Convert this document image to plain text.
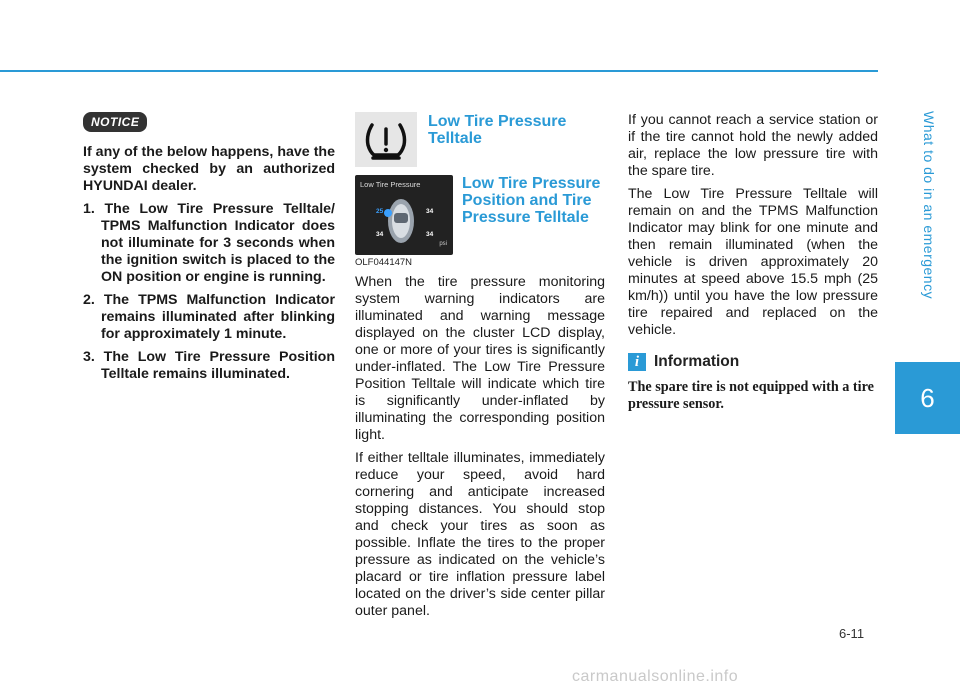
What to do in an emergency
6
NOTICE
If any of the below happens, have the system checked by an authorized HYUNDAI dealer.
1. The Low Tire Pressure Telltale/ TPMS Malfunction Indicator does not illuminate for 3 seconds when the ignition switch is placed to the ON position or engine is running.
2. The TPMS Malfunction Indicator remains illuminated after blinking for approximately 1 minute.
3. The Low Tire Pressure Position Telltale remains illuminated.
Low Tire Pressure Telltale
Low Tire Pressure
25	34
34	34
psi
OLF044147N
Low Tire Pressure Position and Tire Pressure Telltale

When the tire pressure monitoring system warning indicators are illuminated and warning message displayed on the cluster LCD display, one or more of your tires is significantly under-inflated. The Low Tire Pressure Position Telltale will indicate which tire is significantly under-inflated by illuminating the corresponding position light.

If either telltale illuminates, immediately reduce your speed, avoid hard cornering and anticipate increased stopping distances. You should stop and check your tires as soon as possible. Inflate the tires to the proper pressure as indicated on the vehicle’s placard or tire inflation pressure label located on the driver’s side center pillar outer panel.

If you cannot reach a service station or if the tire cannot hold the newly added air, replace the low pressure tire with the spare tire.

The Low Tire Pressure Telltale will remain on and the TPMS Malfunction Indicator may blink for one minute and then remain illuminated (when the vehicle is driven approximately 20 minutes at speed above 15.5 mph (25 km/h)) until you have the low pressure tire repaired and replaced on the vehicle.

i Information
The spare tire is not equipped with a tire pressure sensor.
6-11
carmanualsonline.info
